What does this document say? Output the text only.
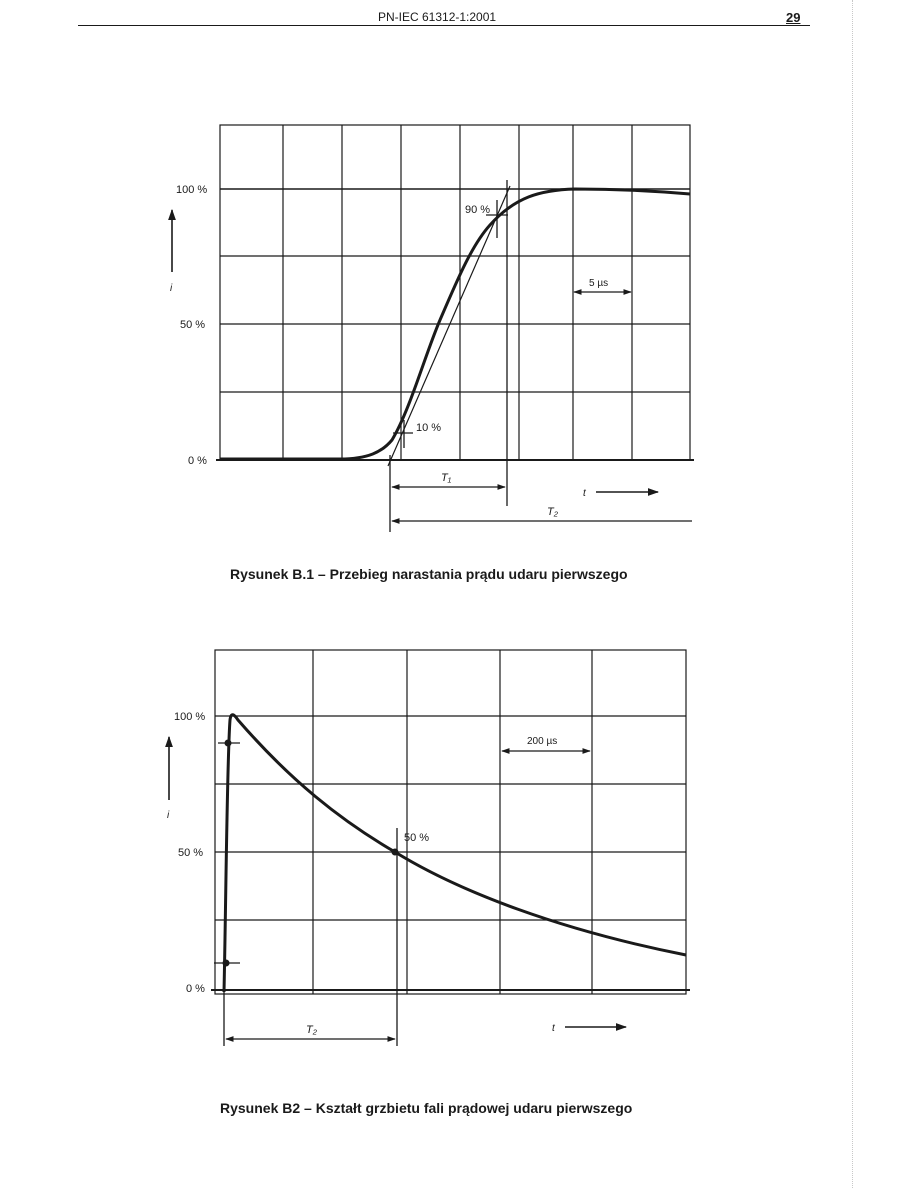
PN-IEC 61312-1:2001	29
100 %
50 %
0 %
i
10 %
90 %
5 µs
T₁
T₂
t
100 %
50 %
0 %
i
50 %
200 µs
T₂	t
Rysunek B.1 – Przebieg narastania prądu udaru pierwszego
Rysunek B2 – Kształt grzbietu fali prądowej udaru pierwszego
